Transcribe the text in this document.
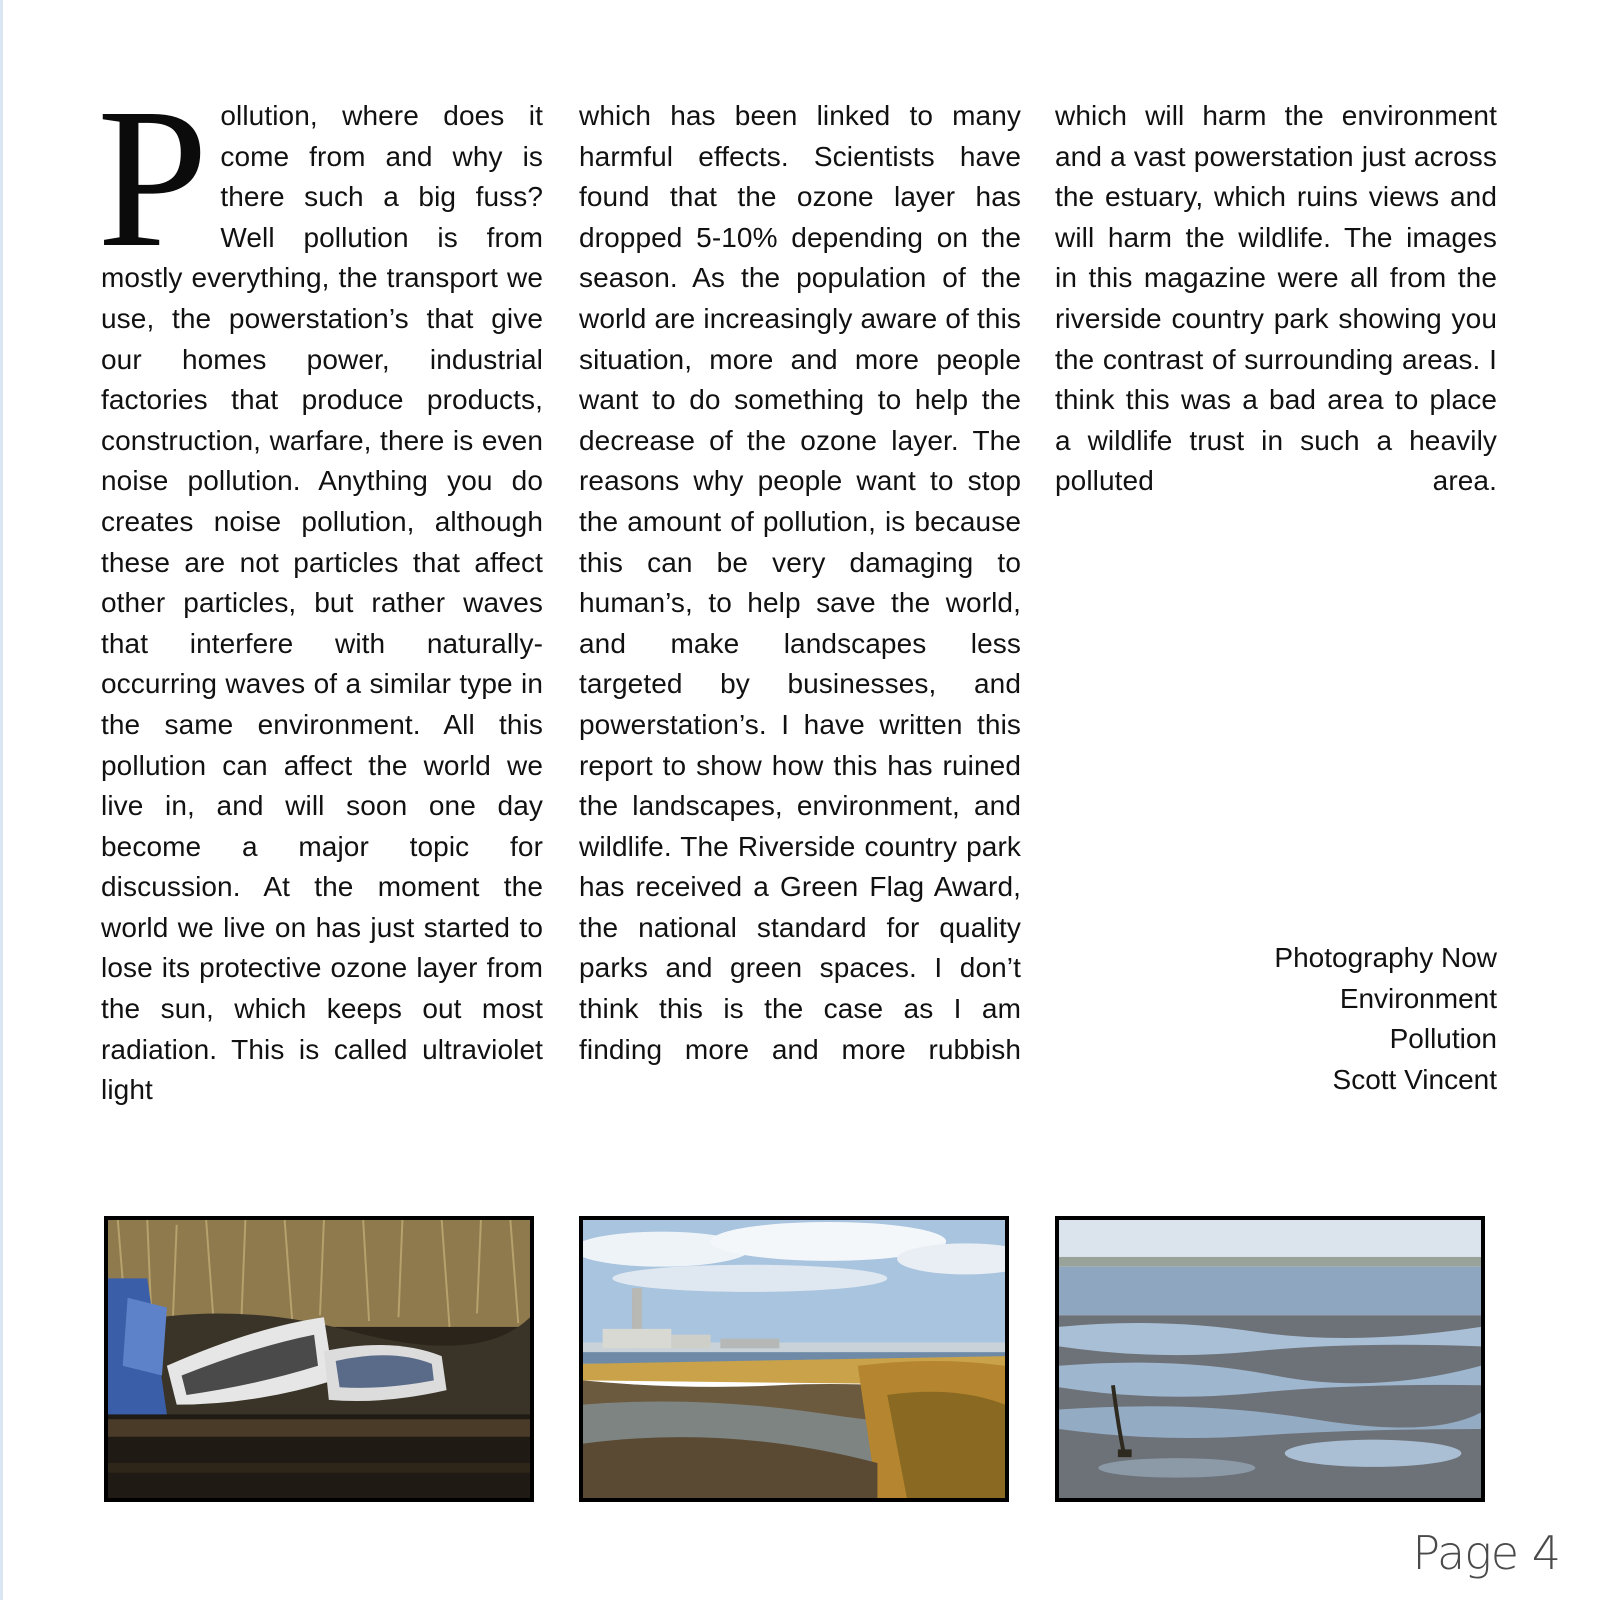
P ollution, where does it come from and why is there such a big fuss? Well pollution is from mostly everything, the transport we use, the powerstation’s that give our homes power, industrial factories that produce products, construction, warfare, there is even noise pollution. Anything you do creates noise pollution, although these are not particles that affect other particles, but rather waves that interfere with naturally-occurring waves of a similar type in the same environment. All this pollution can affect the world we live in, and will soon one day become a major topic for discussion. At the moment the world we live on has just started to lose its protective ozone layer from the sun, which keeps out most radiation. This is called ultraviolet light
which has been linked to many harmful effects. Scientists have found that the ozone layer has dropped 5-10% depending on the season. As the population of the world are increasingly aware of this situation, more and more people want to do something to help the decrease of the ozone layer. The reasons why people want to stop the amount of pollution, is because this can be very damaging to human’s, to help save the world, and make landscapes less targeted by businesses, and powerstation’s. I have written this report to show how this has ruined the landscapes, environment, and wildlife. The Riverside country park has received a Green Flag Award, the national standard for quality parks and green spaces. I don’t think this is the case as I am finding more and more rubbish
which will harm the environment and a vast powerstation just across the estuary, which ruins views and will harm the wildlife. The images in this magazine were all from the riverside country park showing you the contrast of surrounding areas. I think this was a bad area to place a wildlife trust in such a heavily polluted area.
Photography Now
Environment
Pollution
Scott Vincent
Page 4
